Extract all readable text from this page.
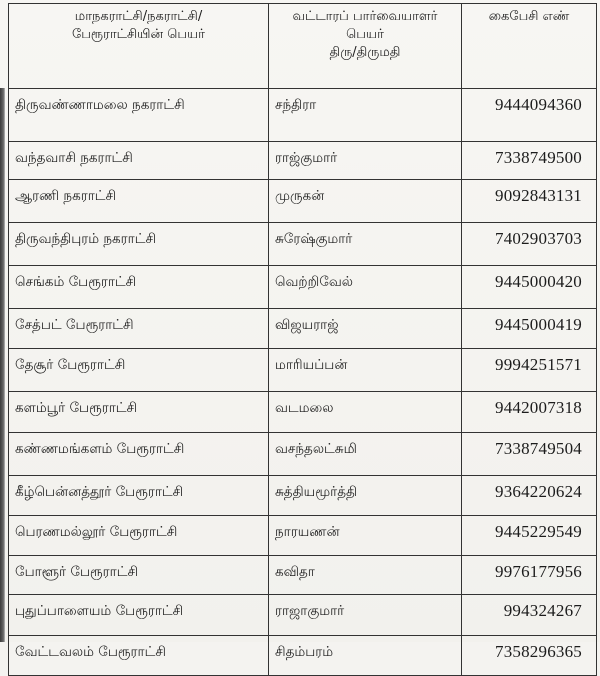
மாநகராட்சி/நகராட்சி/
பேரூராட்சியின் பெயர்	வட்டாரப் பார்வையாளர்
பெயர்
திரு/திருமதி	கைபேசி எண்

திருவண்ணாமலை நகராட்சி	சந்திரா	9444094360
வந்தவாசி நகராட்சி	ராஜ்குமார்	7338749500
ஆரணி நகராட்சி	முருகன்	9092843131
திருவந்திபுரம் நகராட்சி	சுரேஷ்குமார்	7402903703
செங்கம் பேரூராட்சி	வெற்றிவேல்	9445000420
சேத்பட் பேரூராட்சி	விஜயராஜ்	9445000419
தேசூர் பேரூராட்சி	மாரியப்பன்	9994251571
களம்பூர் பேரூராட்சி	வடமலை	9442007318
கண்ணமங்களம் பேரூராட்சி	வசந்தலட்சுமி	7338749504
கீழ்பென்னத்தூர் பேரூராட்சி	சுத்தியமூர்த்தி	9364220624
பெரணமல்லூர் பேரூராட்சி	நாரயணன்	9445229549
போளூர் பேரூராட்சி	கவிதா	9976177956
புதுப்பாளையம் பேரூராட்சி	ராஜாகுமார்	994324267
வேட்டவலம் பேரூராட்சி	சிதம்பரம்	7358296365
